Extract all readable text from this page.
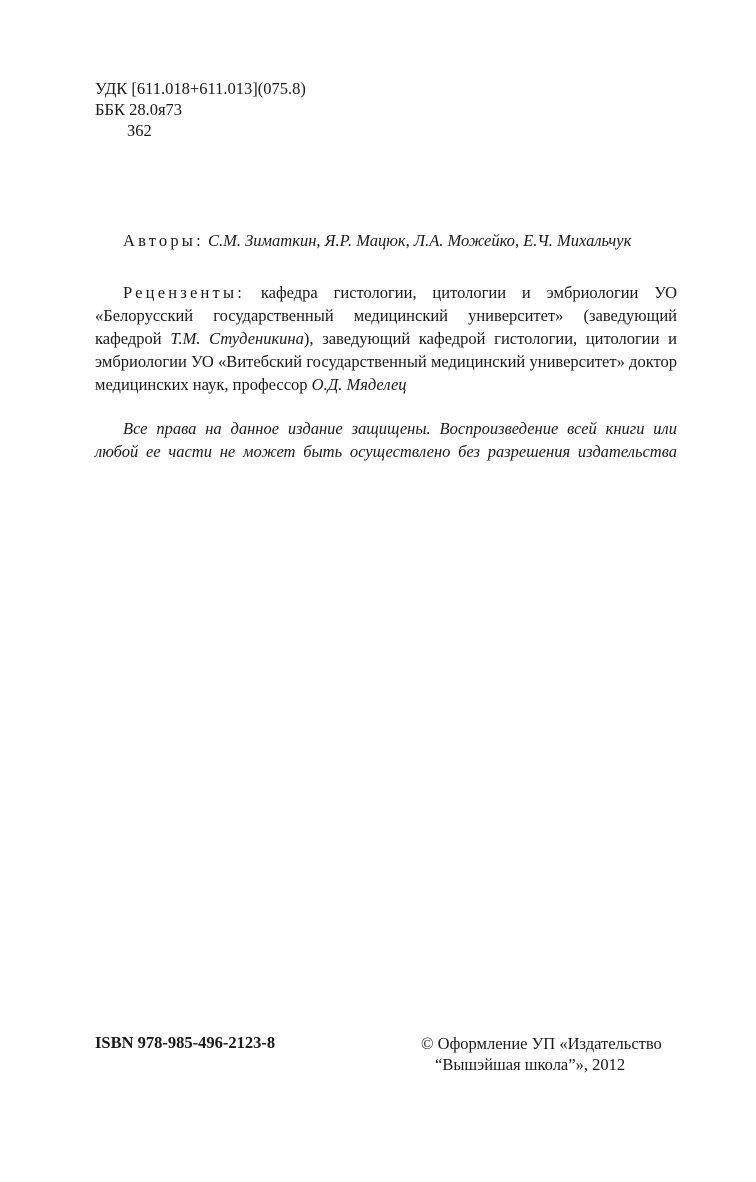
УДК [611.018+611.013](075.8)
ББК 28.0я73
З62
Авторы: С.М. Зиматкин, Я.Р. Мацюк, Л.А. Можейко, Е.Ч. Михальчук
Рецензенты: кафедра гистологии, цитологии и эмбриологии УО «Белорусский государственный медицинский университет» (заведующий кафедрой Т.М. Студеникина), заведующий кафедрой гистологии, цитологии и эмбриологии УО «Витебский государственный медицинский университет» доктор медицинских наук, профессор О.Д. Мяделец
Все права на данное издание защищены. Воспроизведение всей книги или
любой ее части не может быть осуществлено без разрешения издательства
ISBN 978-985-496-2123-8	© Оформление УП «Издательство
“Вышэйшая школа”», 2012
